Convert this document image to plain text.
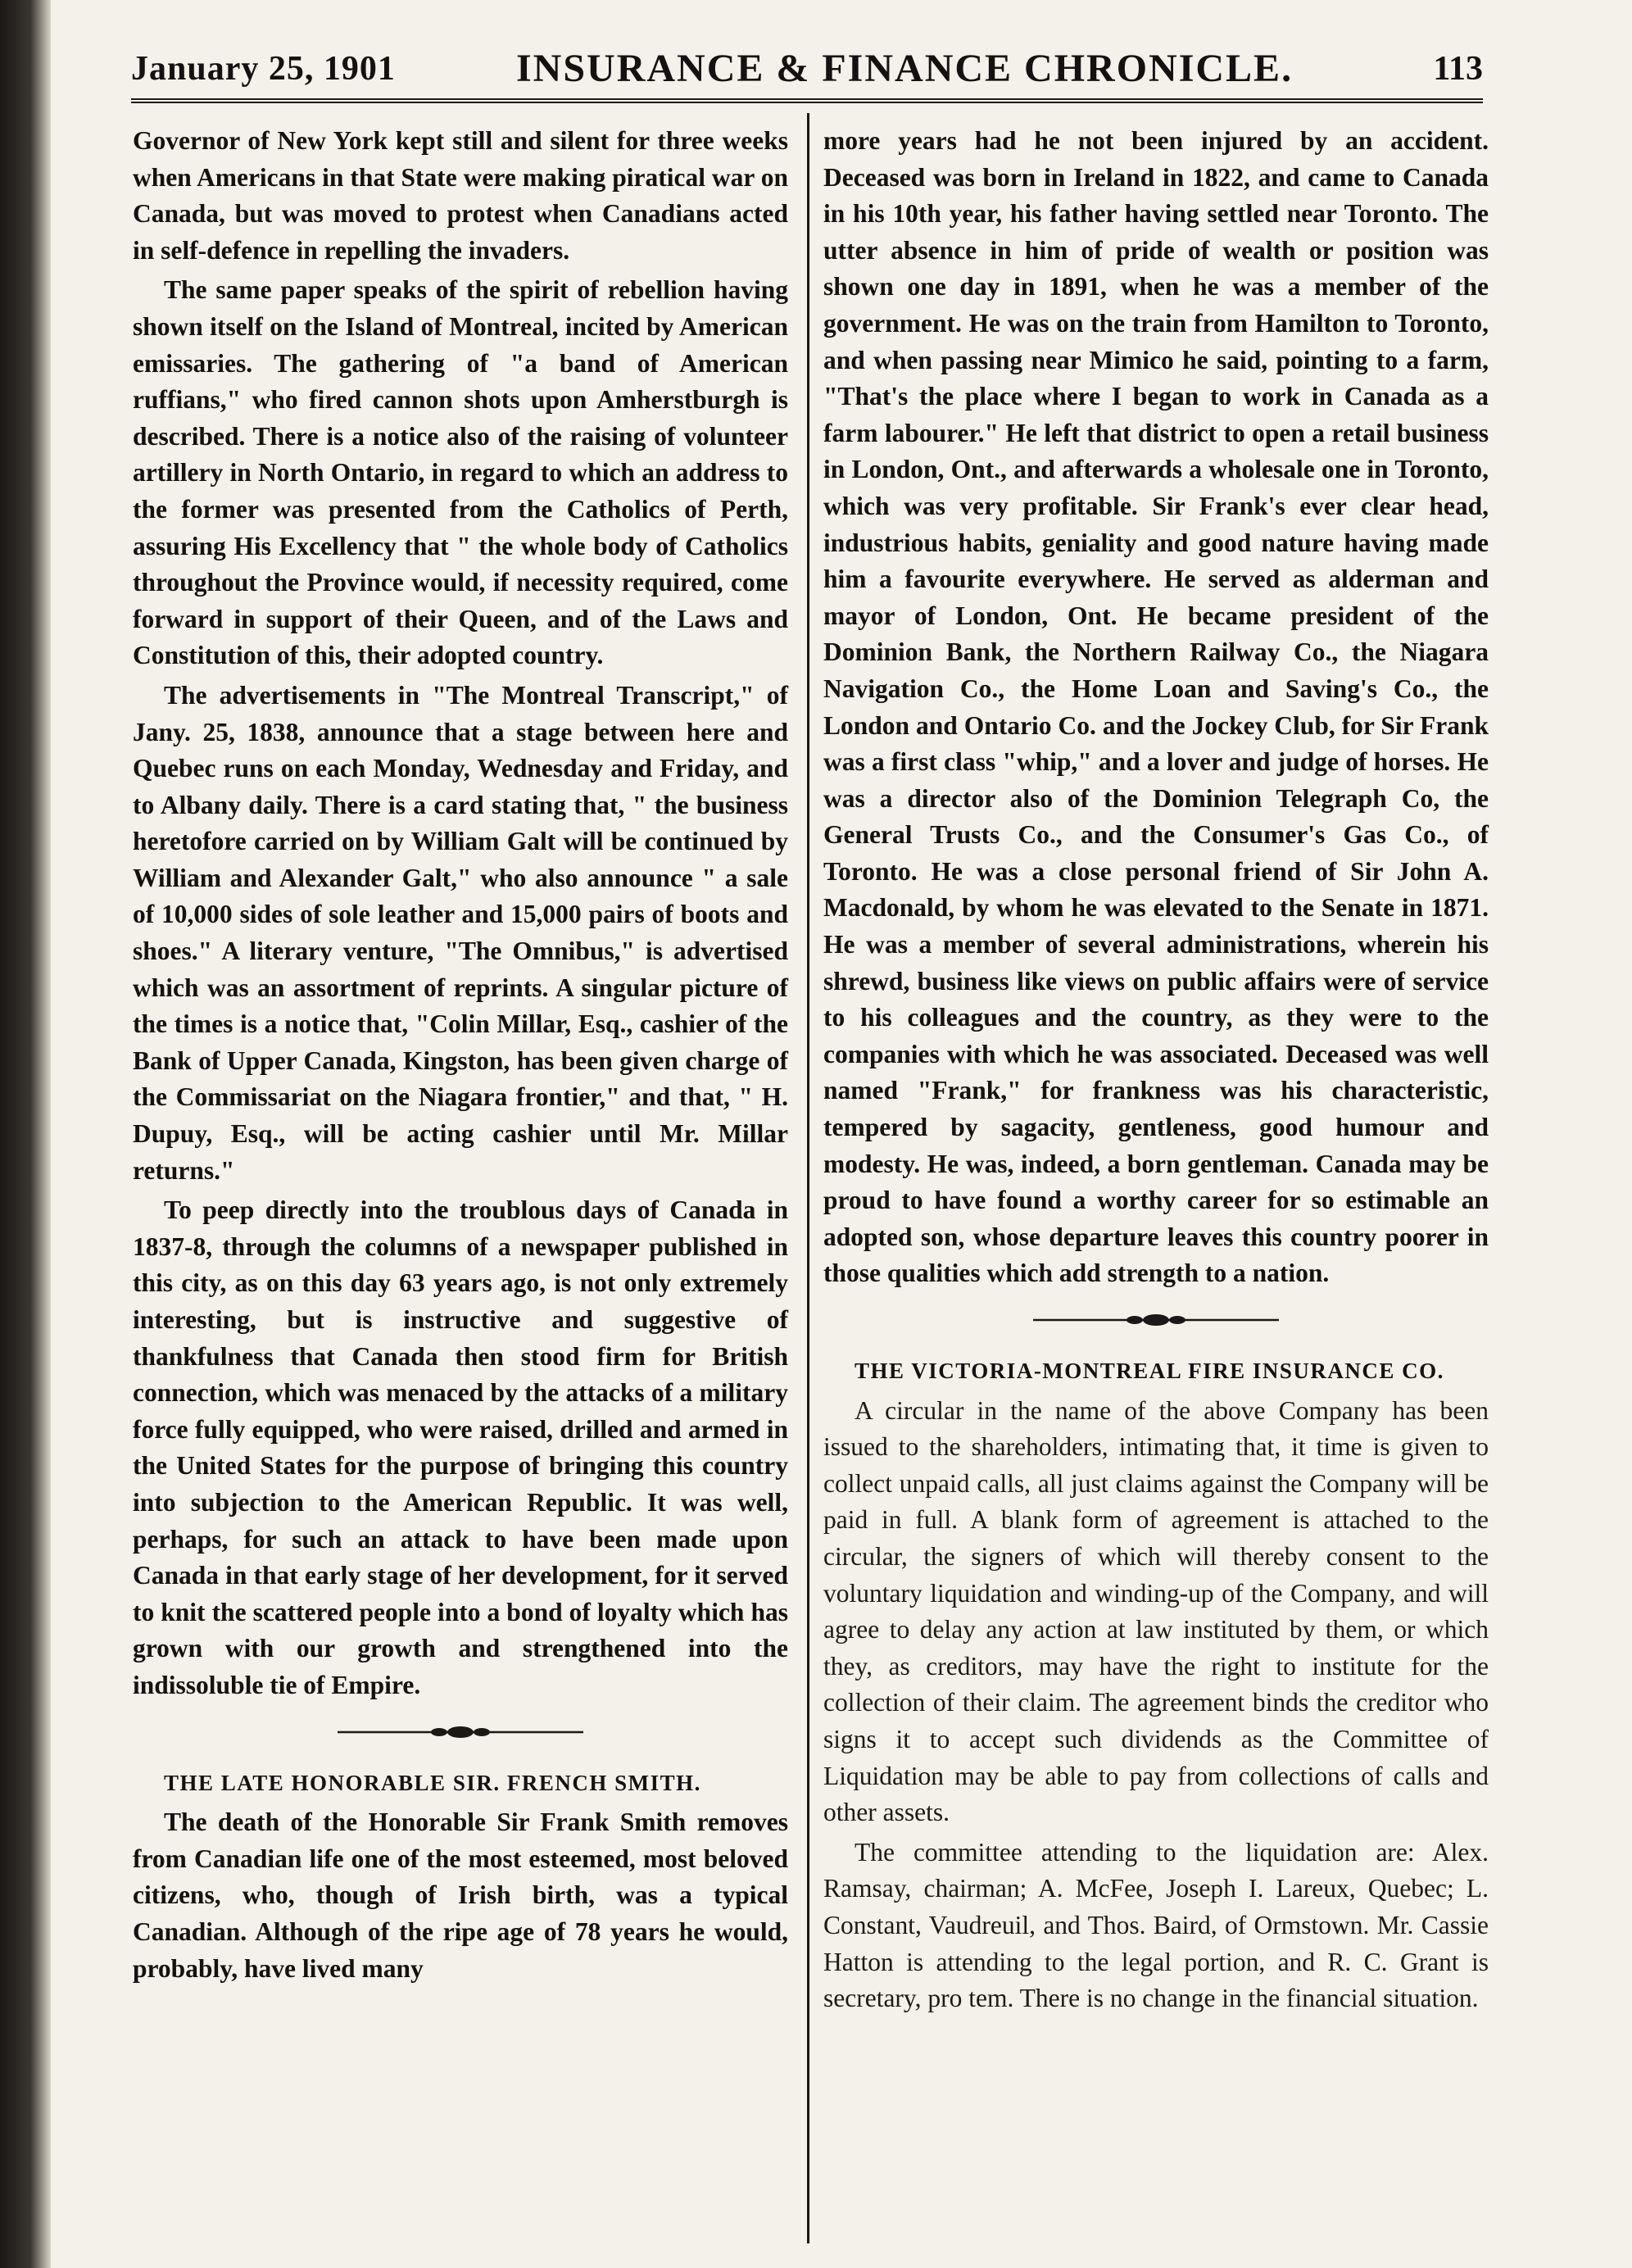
January 25, 1901	INSURANCE & FINANCE CHRONICLE.	113

Governor of New York kept still and silent for three weeks when Americans in that State were making piratical war on Canada, but was moved to protest when Canadians acted in self-defence in repelling the invaders.

The same paper speaks of the spirit of rebellion having shown itself on the Island of Montreal, incited by American emissaries. The gathering of "a band of American ruffians," who fired cannon shots upon Amherstburgh is described. There is a notice also of the raising of volunteer artillery in North Ontario, in regard to which an address to the former was presented from the Catholics of Perth, assuring His Excellency that " the whole body of Catholics throughout the Province would, if necessity required, come forward in support of their Queen, and of the Laws and Constitution of this, their adopted country.

The advertisements in "The Montreal Transcript," of Jany. 25, 1838, announce that a stage between here and Quebec runs on each Monday, Wednesday and Friday, and to Albany daily. There is a card stating that, " the business heretofore carried on by William Galt will be continued by William and Alexander Galt," who also announce " a sale of 10,000 sides of sole leather and 15,000 pairs of boots and shoes." A literary venture, "The Omnibus," is advertised which was an assortment of reprints. A singular picture of the times is a notice that, "Colin Millar, Esq., cashier of the Bank of Upper Canada, Kingston, has been given charge of the Commissariat on the Niagara frontier," and that, " H. Dupuy, Esq., will be acting cashier until Mr. Millar returns."

To peep directly into the troublous days of Canada in 1837-8, through the columns of a newspaper published in this city, as on this day 63 years ago, is not only extremely interesting, but is instructive and suggestive of thankfulness that Canada then stood firm for British connection, which was menaced by the attacks of a military force fully equipped, who were raised, drilled and armed in the United States for the purpose of bringing this country into subjection to the American Republic. It was well, perhaps, for such an attack to have been made upon Canada in that early stage of her development, for it served to knit the scattered people into a bond of loyalty which has grown with our growth and strengthened into the indissoluble tie of Empire.

THE LATE HONORABLE SIR. FRENCH SMITH.

The death of the Honorable Sir Frank Smith removes from Canadian life one of the most esteemed, most beloved citizens, who, though of Irish birth, was a typical Canadian. Although of the ripe age of 78 years he would, probably, have lived many

more years had he not been injured by an accident. Deceased was born in Ireland in 1822, and came to Canada in his 10th year, his father having settled near Toronto. The utter absence in him of pride of wealth or position was shown one day in 1891, when he was a member of the government. He was on the train from Hamilton to Toronto, and when passing near Mimico he said, pointing to a farm, "That's the place where I began to work in Canada as a farm labourer." He left that district to open a retail business in London, Ont., and afterwards a wholesale one in Toronto, which was very profitable. Sir Frank's ever clear head, industrious habits, geniality and good nature having made him a favourite everywhere. He served as alderman and mayor of London, Ont. He became president of the Dominion Bank, the Northern Railway Co., the Niagara Navigation Co., the Home Loan and Saving's Co., the London and Ontario Co. and the Jockey Club, for Sir Frank was a first class "whip," and a lover and judge of horses. He was a director also of the Dominion Telegraph Co, the General Trusts Co., and the Consumer's Gas Co., of Toronto. He was a close personal friend of Sir John A. Macdonald, by whom he was elevated to the Senate in 1871. He was a member of several administrations, wherein his shrewd, business like views on public affairs were of service to his colleagues and the country, as they were to the companies with which he was associated. Deceased was well named "Frank," for frankness was his characteristic, tempered by sagacity, gentleness, good humour and modesty. He was, indeed, a born gentleman. Canada may be proud to have found a worthy career for so estimable an adopted son, whose departure leaves this country poorer in those qualities which add strength to a nation.

THE VICTORIA-MONTREAL FIRE INSURANCE CO.

A circular in the name of the above Company has been issued to the shareholders, intimating that, it time is given to collect unpaid calls, all just claims against the Company will be paid in full. A blank form of agreement is attached to the circular, the signers of which will thereby consent to the voluntary liquidation and winding-up of the Company, and will agree to delay any action at law instituted by them, or which they, as creditors, may have the right to institute for the collection of their claim. The agreement binds the creditor who signs it to accept such dividends as the Committee of Liquidation may be able to pay from collections of calls and other assets.

The committee attending to the liquidation are: Alex. Ramsay, chairman; A. McFee, Joseph I. Lareux, Quebec; L. Constant, Vaudreuil, and Thos. Baird, of Ormstown. Mr. Cassie Hatton is attending to the legal portion, and R. C. Grant is secretary, pro tem. There is no change in the financial situation.
